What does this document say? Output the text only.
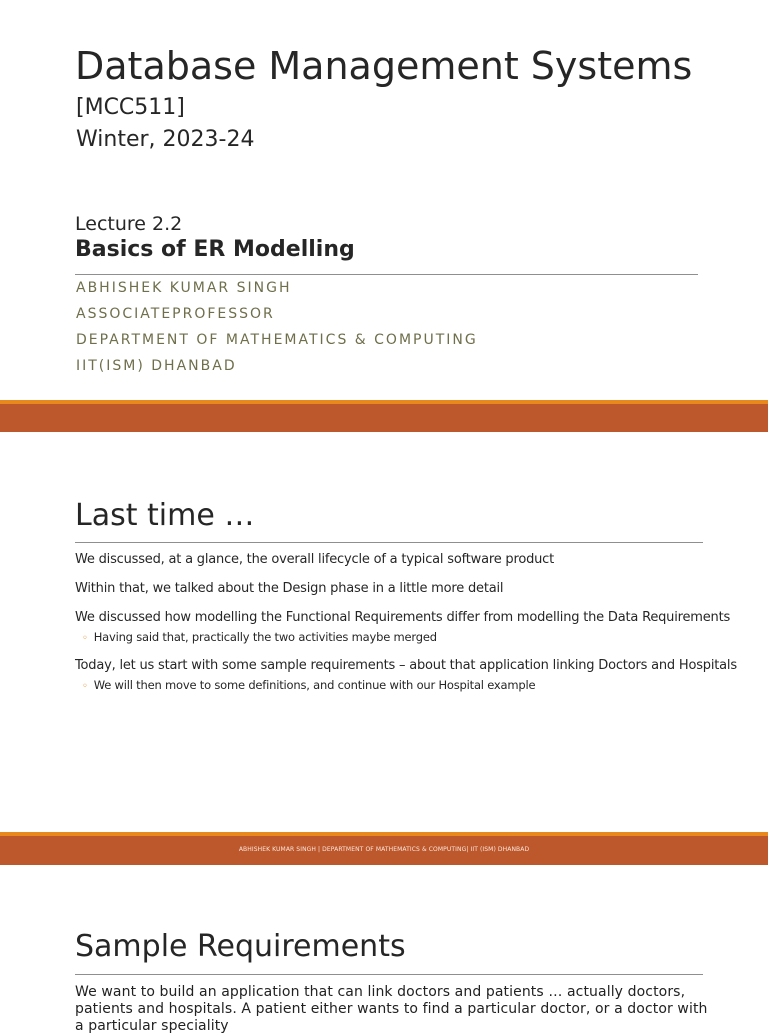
Database Management Systems
[MCC511]
Winter, 2023-24
Lecture 2.2
Basics of ER Modelling
ABHISHEK KUMAR SINGH
ASSOCIATEPROFESSOR
DEPARTMENT OF MATHEMATICS & COMPUTING
IIT(ISM) DHANBAD
Last time …
We discussed, at a glance, the overall lifecycle of a typical software product
Within that, we talked about the Design phase in a little more detail
We discussed how modelling the Functional Requirements differ from modelling the Data Requirements
◦ Having said that, practically the two activities maybe merged
Today, let us start with some sample requirements – about that application linking Doctors and Hospitals
◦ We will then move to some definitions, and continue with our Hospital example
ABHISHEK KUMAR SINGH | DEPARTMENT OF MATHEMATICS & COMPUTING| IIT (ISM) DHANBAD
Sample Requirements
We want to build an application that can link doctors and patients … actually doctors, patients and hospitals. A patient either wants to find a particular doctor, or a doctor with a particular speciality
